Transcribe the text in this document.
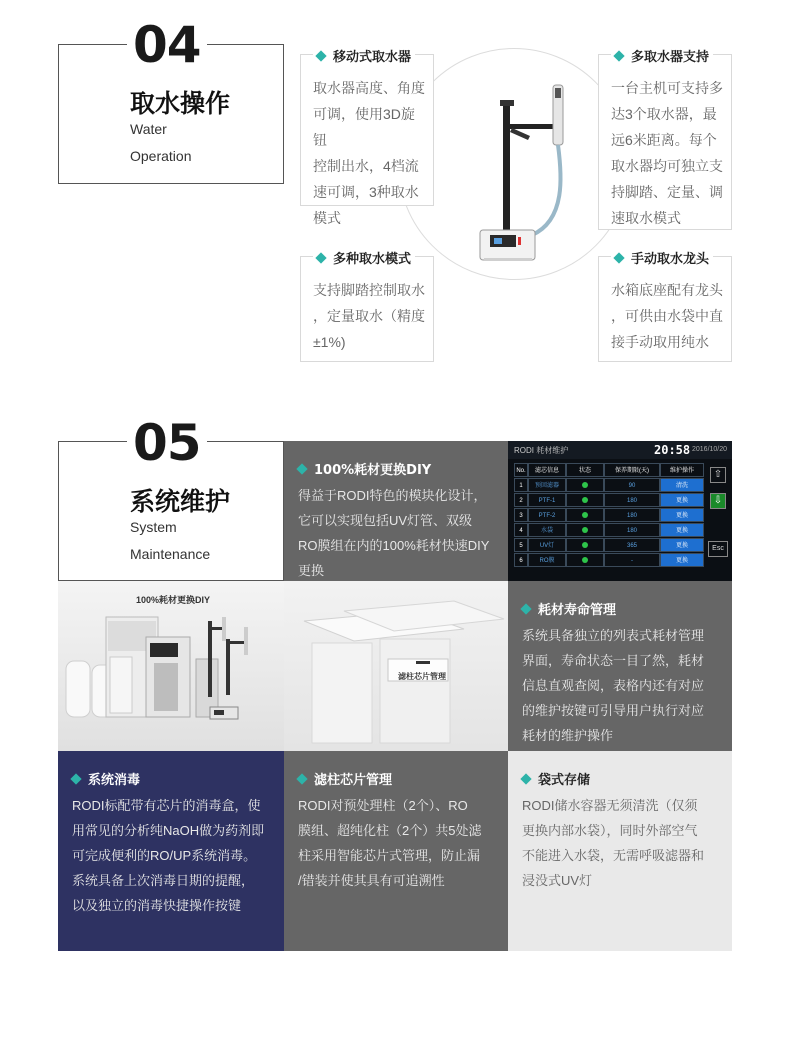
04
取水操作
Water
Operation
移动式取水器
取水器高度、角度
可调，使用3D旋钮
控制出水，4档流
速可调，3种取水
模式
多取水器支持
一台主机可支持多
达3个取水器，最
远6米距离。每个
取水器均可独立支
持脚踏、定量、调
速取水模式
多种取水模式
支持脚踏控制取水
，定量取水（精度
±1%)
手动取水龙头
水箱底座配有龙头
，可供由水袋中直
接手动取用纯水
05
系统维护
System
Maintenance
100%耗材更换DIY
得益于RODI特色的模块化设计，
它可以实现包括UV灯管、双级
RO膜组在内的100%耗材快速DIY
更换
RODI 耗材维护	20:58 2016/10/20
No.	滤芯信息	状态	保养期限(天)	维护操作
1	预回滤器	90	清洗
2	PTF-1	180	更换
3	PTF-2	180	更换
4	水袋	180	更换
5	UV灯	365	更换
6	RO膜	-	更换
⇧
⇩
Esc
100%耗材更换DIY
滤柱芯片管理
耗材寿命管理
系统具备独立的列表式耗材管理
界面，寿命状态一目了然，耗材
信息直观查阅，表格内还有对应
的维护按键可引导用户执行对应
耗材的维护操作
系统消毒
RODI标配带有芯片的消毒盒，使
用常见的分析纯NaOH做为药剂即
可完成便利的RO/UP系统消毒。
系统具备上次消毒日期的提醒，
以及独立的消毒快捷操作按键
滤柱芯片管理
RODI对预处理柱（2个）、RO
膜组、超纯化柱（2个）共5处滤
柱采用智能芯片式管理，防止漏
/错装并使其具有可追溯性
袋式存储
RODI储水容器无须清洗（仅须
更换内部水袋），同时外部空气
不能进入水袋，无需呼吸滤器和
浸没式UV灯
